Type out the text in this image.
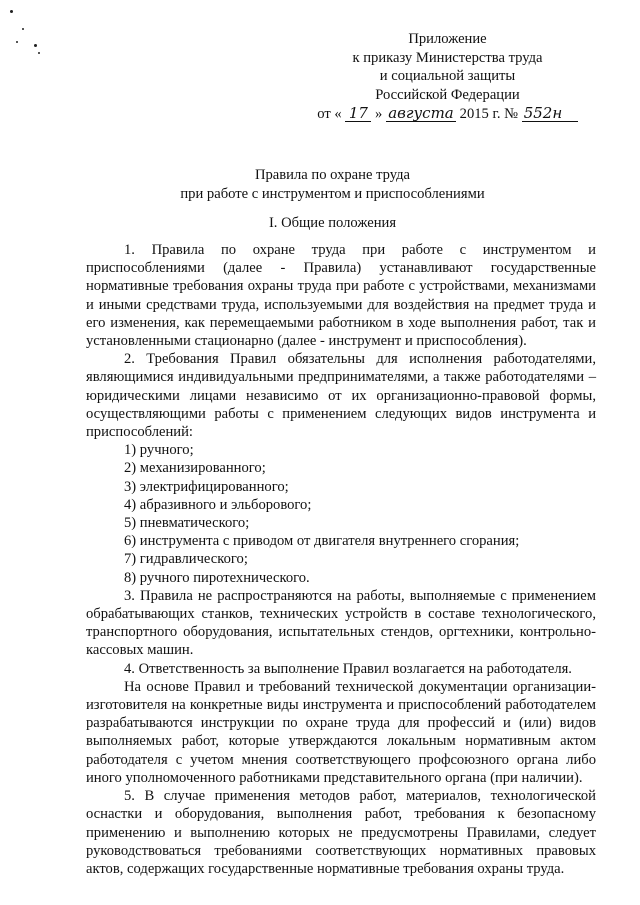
Приложение
к приказу Министерства труда
и социальной защиты
Российской Федерации
от « 17 » августа 2015 г. № 552н
Правила по охране труда
при работе с инструментом и приспособлениями
I. Общие положения

1. Правила по охране труда при работе с инструментом и приспособлениями (далее - Правила) устанавливают государственные нормативные требования охраны труда при работе с устройствами, механизмами и иными средствами труда, используемыми для воздействия на предмет труда и его изменения, как перемещаемыми работником в ходе выполнения работ, так и установленными стационарно (далее - инструмент и приспособления).

2. Требования Правил обязательны для исполнения работодателями, являющимися индивидуальными предпринимателями, а также работодателями – юридическими лицами независимо от их организационно-правовой формы, осуществляющими работы с применением следующих видов инструмента и приспособлений:

1) ручного;

2) механизированного;

3) электрифицированного;

4) абразивного и эльборового;

5) пневматического;

6) инструмента с приводом от двигателя внутреннего сгорания;

7) гидравлического;

8) ручного пиротехнического.

3. Правила не распространяются на работы, выполняемые с применением обрабатывающих станков, технических устройств в составе технологического, транспортного оборудования, испытательных стендов, оргтехники, контрольно-кассовых машин.

4. Ответственность за выполнение Правил возлагается на работодателя.

На основе Правил и требований технической документации организации-изготовителя на конкретные виды инструмента и приспособлений работодателем разрабатываются инструкции по охране труда для профессий и (или) видов выполняемых работ, которые утверждаются локальным нормативным актом работодателя с учетом мнения соответствующего профсоюзного органа либо иного уполномоченного работниками представительного органа (при наличии).

5. В случае применения методов работ, материалов, технологической оснастки и оборудования, выполнения работ, требования к безопасному применению и выполнению которых не предусмотрены Правилами, следует руководствоваться требованиями соответствующих нормативных правовых актов, содержащих государственные нормативные требования охраны труда.
